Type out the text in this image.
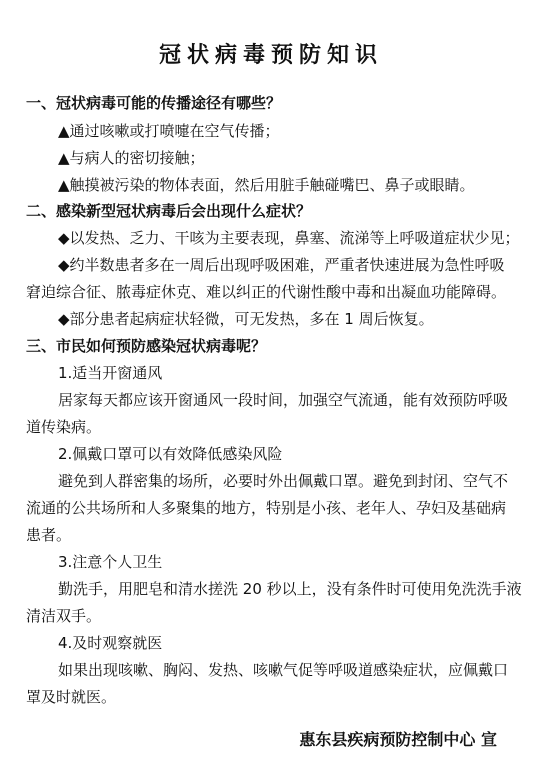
冠状病毒预防知识
一、冠状病毒可能的传播途径有哪些？
▲通过咳嗽或打喷嚏在空气传播；
▲与病人的密切接触；
▲触摸被污染的物体表面，然后用脏手触碰嘴巴、鼻子或眼睛。
二、感染新型冠状病毒后会出现什么症状？
◆以发热、乏力、干咳为主要表现，鼻塞、流涕等上呼吸道症状少见；
◆约半数患者多在一周后出现呼吸困难，严重者快速进展为急性呼吸
窘迫综合征、脓毒症休克、难以纠正的代谢性酸中毒和出凝血功能障碍。
◆部分患者起病症状轻微，可无发热，多在 1 周后恢复。
三、市民如何预防感染冠状病毒呢？
1.适当开窗通风
居家每天都应该开窗通风一段时间，加强空气流通，能有效预防呼吸
道传染病。
2.佩戴口罩可以有效降低感染风险
避免到人群密集的场所，必要时外出佩戴口罩。避免到封闭、空气不
流通的公共场所和人多聚集的地方，特别是小孩、老年人、孕妇及基础病
患者。
3.注意个人卫生
勤洗手，用肥皂和清水搓洗 20 秒以上，没有条件时可使用免洗洗手液
清洁双手。
4.及时观察就医
如果出现咳嗽、胸闷、发热、咳嗽气促等呼吸道感染症状，应佩戴口
罩及时就医。
惠东县疾病预防控制中心 宣
